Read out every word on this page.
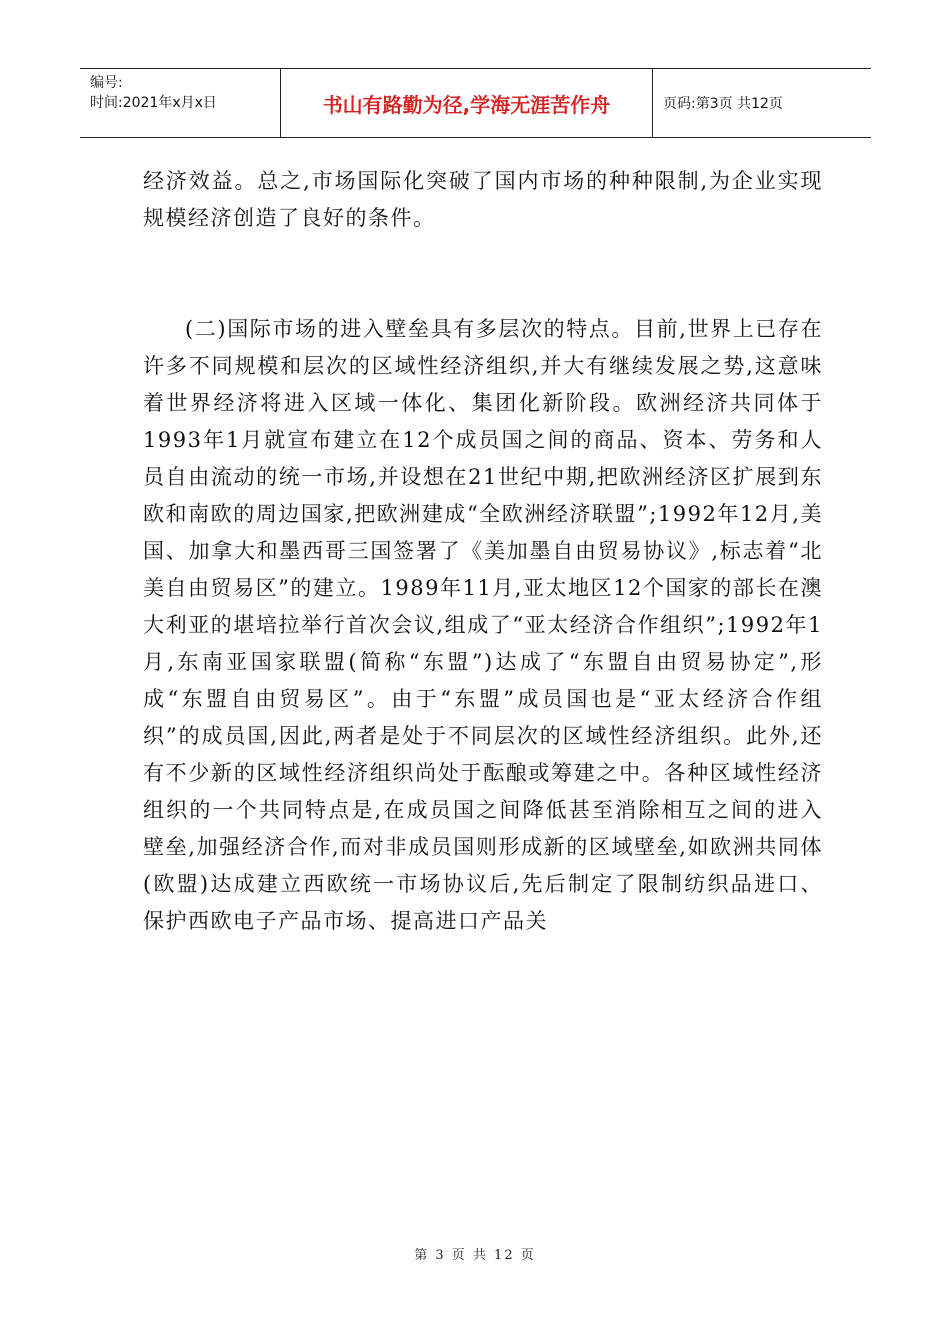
编号:
时间:2021年x月x日	书山有路勤为径,学海无涯苦作舟	页码:第3页 共12页

经济效益。总之,市场国际化突破了国内市场的种种限制,为企业实现规模经济创造了良好的条件。

(二)国际市场的进入壁垒具有多层次的特点。目前,世界上已存在许多不同规模和层次的区域性经济组织,并大有继续发展之势,这意味着世界经济将进入区域一体化、集团化新阶段。欧洲经济共同体于1993年1月就宣布建立在12个成员国之间的商品、资本、劳务和人员自由流动的统一市场,并设想在21世纪中期,把欧洲经济区扩展到东欧和南欧的周边国家,把欧洲建成“全欧洲经济联盟”;1992年12月,美国、加拿大和墨西哥三国签署了《美加墨自由贸易协议》,标志着“北美自由贸易区”的建立。1989年11月,亚太地区12个国家的部长在澳大利亚的堪培拉举行首次会议,组成了“亚太经济合作组织”;1992年1月,东南亚国家联盟(简称“东盟”)达成了“东盟自由贸易协定”,形成“东盟自由贸易区”。由于“东盟”成员国也是“亚太经济合作组织”的成员国,因此,两者是处于不同层次的区域性经济组织。此外,还有不少新的区域性经济组织尚处于酝酿或筹建之中。各种区域性经济组织的一个共同特点是,在成员国之间降低甚至消除相互之间的进入壁垒,加强经济合作,而对非成员国则形成新的区域壁垒,如欧洲共同体(欧盟)达成建立西欧统一市场协议后,先后制定了限制纺织品进口、保护西欧电子产品市场、提高进口产品关

第 3 页 共 12 页
